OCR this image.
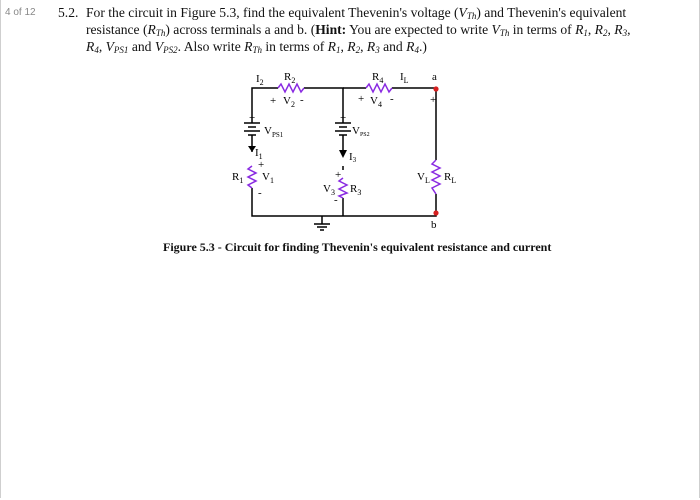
4 of 12 5.2. For the circuit in Figure 5.3, find the equivalent Thevenin's voltage $(V_{Th})$ and Thevenin's equivalent
resistance $(R_{Th})$ across terminals a and b. (Hint: You are expected to write $V_{Th}$ in terms of $R_1$, $R_2$, $R_3$,
$R_4$, $V_{PS1}$ and $V_{PS2}$. Also write $R_{Th}$ in terms of $R_1$, $R_2$, $R_3$ and $R_4$.)
$I_2$ $R_2$
+ $V_2$ -
$R_4$ $I_L$ a
+ $V_4$ -	+
+
$V_{PS1}$
+
VPS2
$I_1$	I3
+
$R_1$ $V_1$
-
+
$V_3$ $R_3$
-
$V_L$ $R_L$
b
Figure 5.3 - Circuit for finding Thevenin's equivalent resistance and current
